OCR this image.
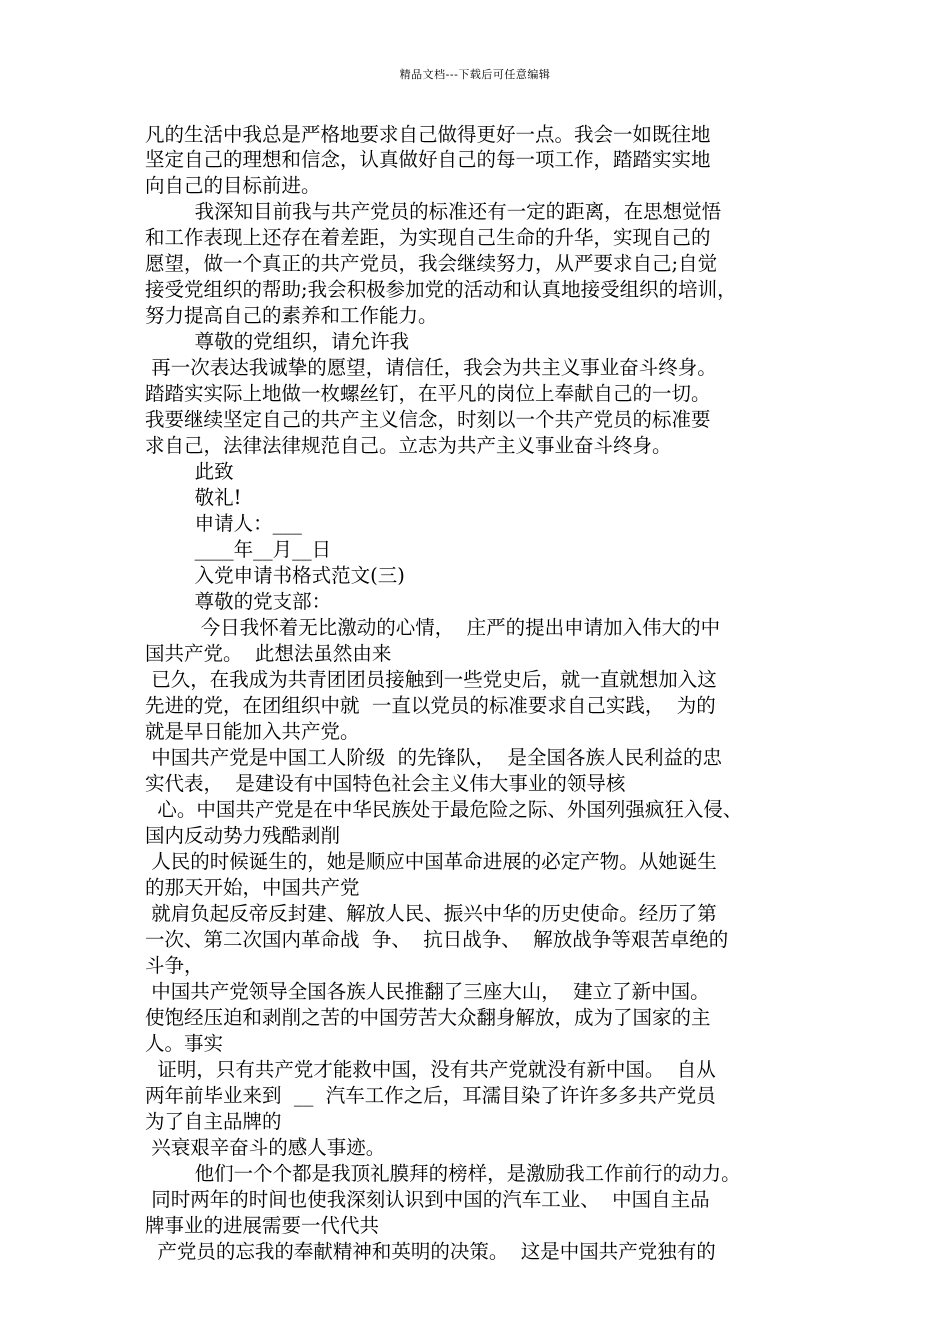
精品文档---下载后可任意编辑
凡的生活中我总是严格地要求自己做得更好一点。我会一如既往地
坚定自己的理想和信念，认真做好自己的每一项工作，踏踏实实地
向自己的目标前进。
我深知目前我与共产党员的标准还有一定的距离，在思想觉悟
和工作表现上还存在着差距，为实现自己生命的升华，实现自己的
愿望，做一个真正的共产党员，我会继续努力，从严要求自己;自觉
接受党组织的帮助;我会积极参加党的活动和认真地接受组织的培训，
努力提高自己的素养和工作能力。
尊敬的党组织，请允许我
再一次表达我诚挚的愿望，请信任，我会为共主义事业奋斗终身。
踏踏实实际上地做一枚螺丝钉，在平凡的岗位上奉献自己的一切。
我要继续坚定自己的共产主义信念，时刻以一个共产党员的标准要
求自己，法律法律规范自己。立志为共产主义事业奋斗终身。
此致
敬礼!
申请人：___
____年__月__日
入党申请书格式范文(三)
尊敬的党支部：
今日我怀着无比激动的心情，  庄严的提出申请加入伟大的中
国共产党。  此想法虽然由来
已久，在我成为共青团团员接触到一些党史后，就一直就想加入这
先进的党，在团组织中就  一直以党员的标准要求自己实践，  为的
就是早日能加入共产党。
中国共产党是中国工人阶级  的先锋队，  是全国各族人民利益的忠
实代表，  是建设有中国特色社会主义伟大事业的领导核
心。中国共产党是在中华民族处于最危险之际、外国列强疯狂入侵、
国内反动势力残酷剥削
人民的时候诞生的，她是顺应中国革命进展的必定产物。从她诞生
的那天开始，中国共产党
就肩负起反帝反封建、解放人民、振兴中华的历史使命。经历了第
一次、第二次国内革命战  争、  抗日战争、  解放战争等艰苦卓绝的
斗争，
中国共产党领导全国各族人民推翻了三座大山，  建立了新中国。
使饱经压迫和剥削之苦的中国劳苦大众翻身解放，成为了国家的主
人。事实
证明，只有共产党才能救中国，没有共产党就没有新中国。  自从
两年前毕业来到  __  汽车工作之后，耳濡目染了许许多多共产党员
为了自主品牌的
兴衰艰辛奋斗的感人事迹。
他们一个个都是我顶礼膜拜的榜样，是激励我工作前行的动力。
同时两年的时间也使我深刻认识到中国的汽车工业、  中国自主品
牌事业的进展需要一代代共
产党员的忘我的奉献精神和英明的决策。  这是中国共产党独有的
